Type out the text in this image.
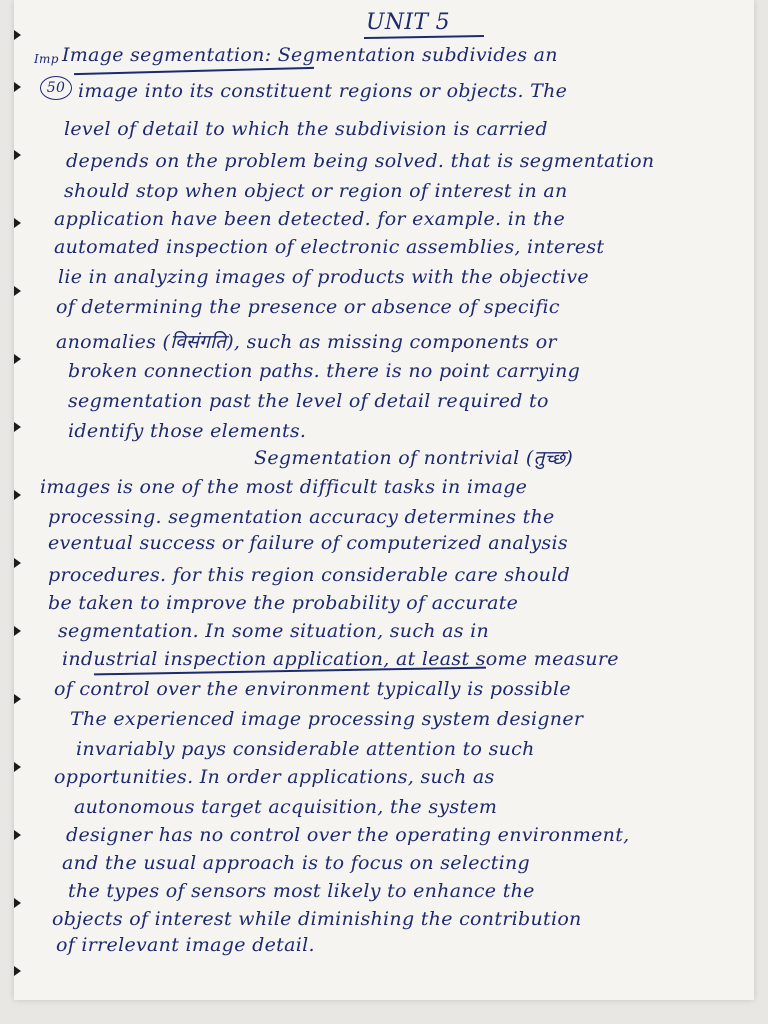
UNIT 5
Imp
50
Image segmentation: Segmentation subdivides an
image into its constituent regions or objects. The
level of detail to which the subdivision is carried
depends on the problem being solved. that is segmentation
should stop when object or region of interest in an
application have been detected. for example. in the
automated inspection of electronic assemblies, interest
lie in analyzing images of products with the objective
of determining the presence or absence of specific
anomalies (विसंगति), such as missing components or
broken connection paths. there is no point carrying
segmentation past the level of detail required to
identify those elements.
Segmentation of nontrivial (तुच्छ)
images is one of the most difficult tasks in image
processing. segmentation accuracy determines the
eventual success or failure of computerized analysis
procedures. for this region considerable care should
be taken to improve the probability of accurate
segmentation. In some situation, such as in
industrial inspection application, at least some measure
of control over the environment typically is possible
The experienced image processing system designer
invariably pays considerable attention to such
opportunities. In order applications, such as
autonomous target acquisition, the system
designer has no control over the operating environment,
and the usual approach is to focus on selecting
the types of sensors most likely to enhance the
objects of interest while diminishing the contribution
of irrelevant image detail.
